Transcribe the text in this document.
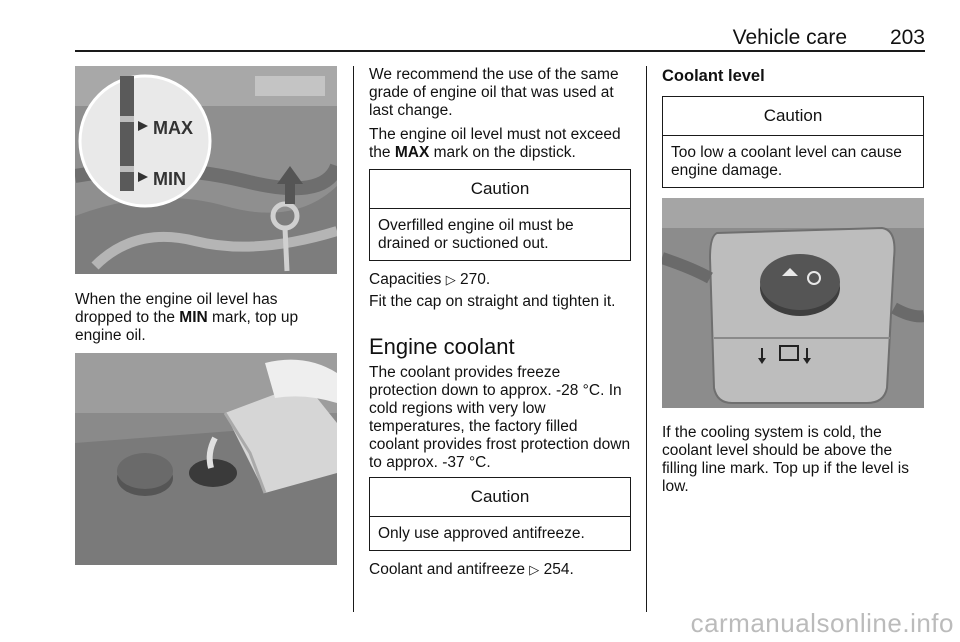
Vehicle care 203
MAX
MIN

When the engine oil level has dropped to the MIN mark, top up engine oil.

We recommend the use of the same grade of engine oil that was used at last change.

The engine oil level must not exceed the MAX mark on the dipstick.

Caution
Overfilled engine oil must be drained or suctioned out.

Capacities ▷ 270.

Fit the cap on straight and tighten it.

Engine coolant

The coolant provides freeze protection down to approx. -28 °C. In cold regions with very low temperatures, the factory filled coolant provides frost protection down to approx. -37 °C.

Caution
Only use approved antifreeze.

Coolant and antifreeze ▷ 254.

Coolant level
Caution
Too low a coolant level can cause engine damage.

If the cooling system is cold, the coolant level should be above the filling line mark. Top up if the level is low.

carmanualsonline.info
